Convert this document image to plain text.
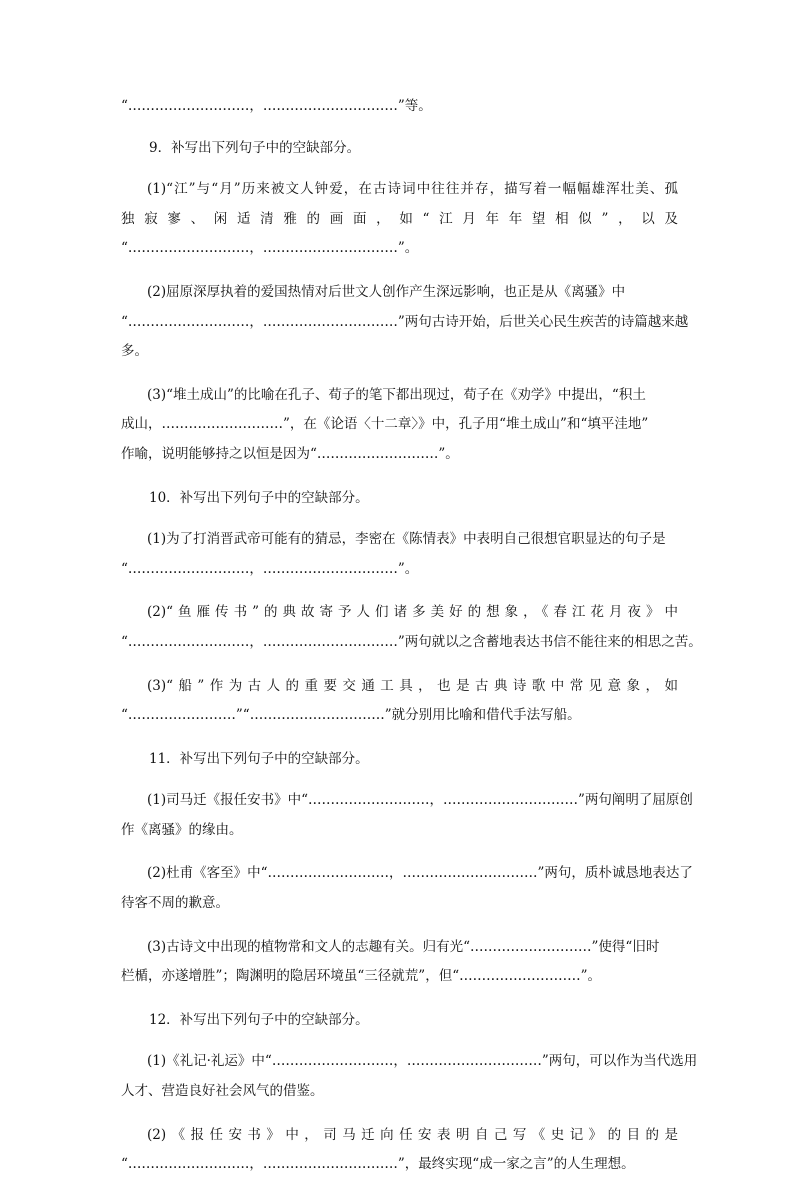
“………………………，…………………………”等。
9．补写出下列句子中的空缺部分。
(1)“江”与“月”历来被文人钟爱，在古诗词中往往并存，描写着一幅幅雄浑壮美、孤
独寂寥、闲适清雅的画面，如“江月年年望相似”，以及
“………………………，…………………………”。
(2)屈原深厚执着的爱国热情对后世文人创作产生深远影响，也正是从《离骚》中
“………………………，…………………………”两句古诗开始，后世关心民生疾苦的诗篇越来越
多。
(3)“堆土成山”的比喻在孔子、荀子的笔下都出现过，荀子在《劝学》中提出，“积土
成山，………………………”，在《论语〈十二章〉》中，孔子用“堆土成山”和“填平洼地”
作喻，说明能够持之以恒是因为“………………………”。
10．补写出下列句子中的空缺部分。
(1)为了打消晋武帝可能有的猜忌，李密在《陈情表》中表明自己很想官职显达的句子是
“………………………，…………………………”。
(2)“鱼雁传书”的典故寄予人们诸多美好的想象，《春江花月夜》中
“………………………，…………………………”两句就以之含蓄地表达书信不能往来的相思之苦。
(3)“船”作为古人的重要交通工具，也是古典诗歌中常见意象，如
“……………………”“…………………………”就分别用比喻和借代手法写船。
11．补写出下列句子中的空缺部分。
(1)司马迁《报任安书》中“………………………，…………………………”两句阐明了屈原创
作《离骚》的缘由。
(2)杜甫《客至》中“………………………，…………………………”两句，质朴诚恳地表达了
待客不周的歉意。
(3)古诗文中出现的植物常和文人的志趣有关。归有光“………………………”使得“旧时
栏楯，亦遂增胜”；陶渊明的隐居环境虽“三径就荒”，但“………………………”。
12．补写出下列句子中的空缺部分。
(1)《礼记·礼运》中“………………………，…………………………”两句，可以作为当代选用
人才、营造良好社会风气的借鉴。
(2)《报任安书》中，司马迁向任安表明自己写《史记》的目的是
“………………………，…………………………”，最终实现“成一家之言”的人生理想。
